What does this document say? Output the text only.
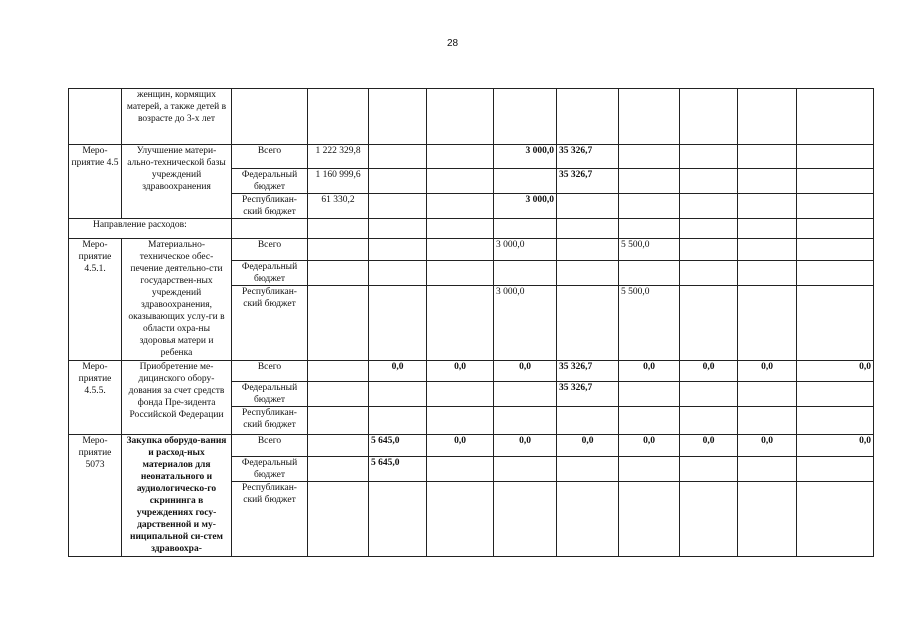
28
	женщин, кормящих матерей, а также детей в возрасте до 3-х лет										
Меро-приятие 4.5	Улучшение матери-ально-технической базы учреждений здравоохранения	Всего	1 222 329,8			3 000,0	35 326,7				
		Федеральный бюджет	1 160 999,6				35 326,7				
		Республикан-ский бюджет	61 330,2			3 000,0					
Направление расходов:											
Меро-приятие 4.5.1.	Материально-техническое обес-печение деятельно-сти государствен-ных учреждений здравоохранения, оказывающих услу-ги в области охра-ны здоровья матери и ребенка	Всего				3 000,0		5 500,0			
		Федеральный бюджет									
		Республикан-ский бюджет				3 000,0		5 500,0			
Меро-приятие 4.5.5.	Приобретение ме-дицинского обору-дования за счет средств фонда Пре-зидента Российской Федерации	Всего		0,0	0,0	0,0	35 326,7	0,0	0,0	0,0	0,0
		Федеральный бюджет					35 326,7				
		Республикан-ский бюджет									
Меро-приятие 5073	Закупка оборудо-вания и расход-ных материалов для неонатального и аудиологическо-го скрининга в учреждениях госу-дарственной и му-ниципальной си-стем здравоохра-	Всего		5 645,0	0,0	0,0	0,0	0,0	0,0	0,0	0,0
		Федеральный бюджет		5 645,0							
		Республикан-ский бюджет									
